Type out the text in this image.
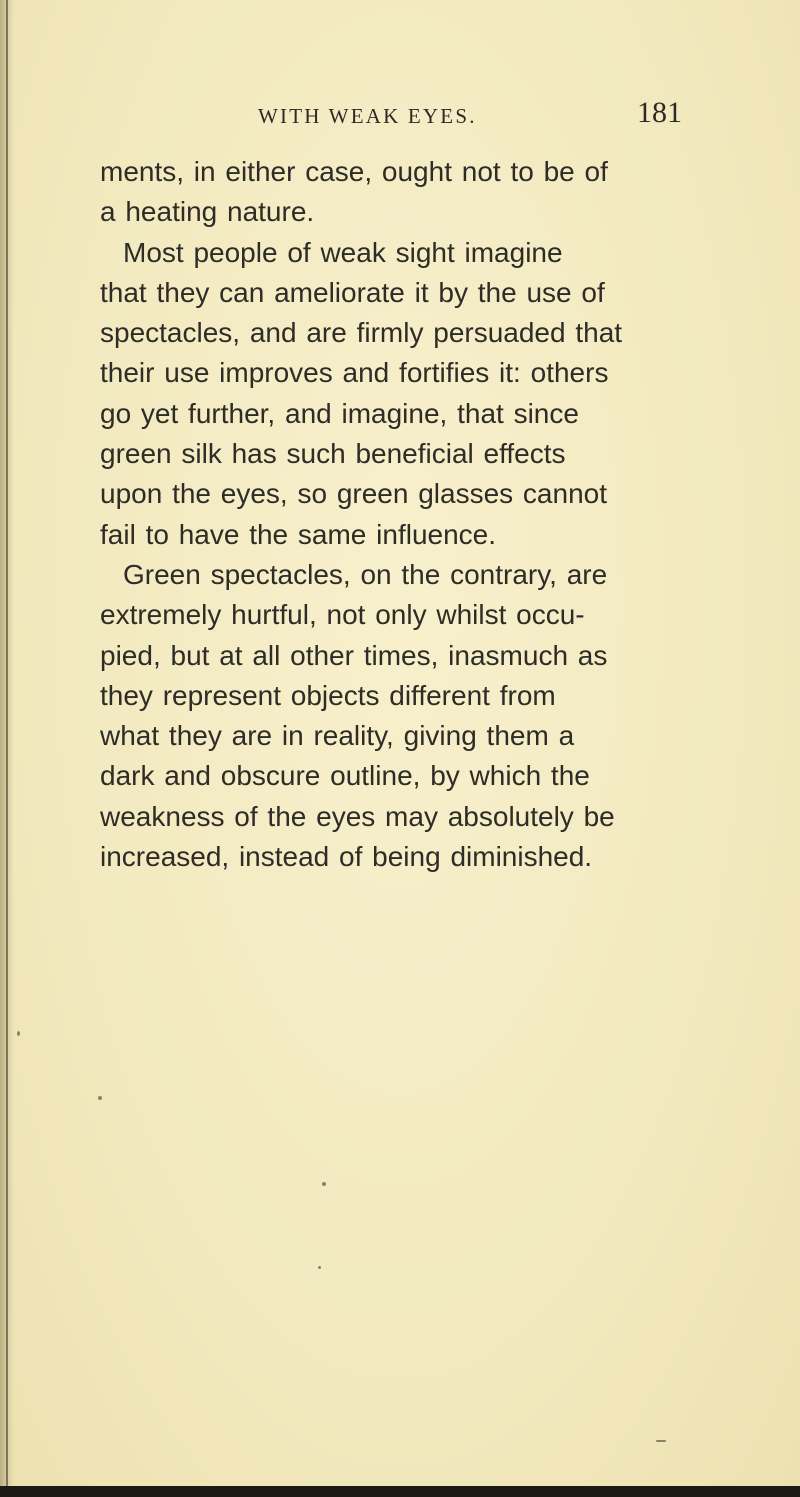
WITH WEAK EYES.	181
ments, in either case, ought not to be of
a heating nature.
Most people of weak sight imagine
that they can ameliorate it by the use of
spectacles, and are firmly persuaded that
their use improves and fortifies it: others
go yet further, and imagine, that since
green silk has such beneficial effects
upon the eyes, so green glasses cannot
fail to have the same influence.
Green spectacles, on the contrary, are
extremely hurtful, not only whilst occu-
pied, but at all other times, inasmuch as
they represent objects different from
what they are in reality, giving them a
dark and obscure outline, by which the
weakness of the eyes may absolutely be
increased, instead of being diminished.
